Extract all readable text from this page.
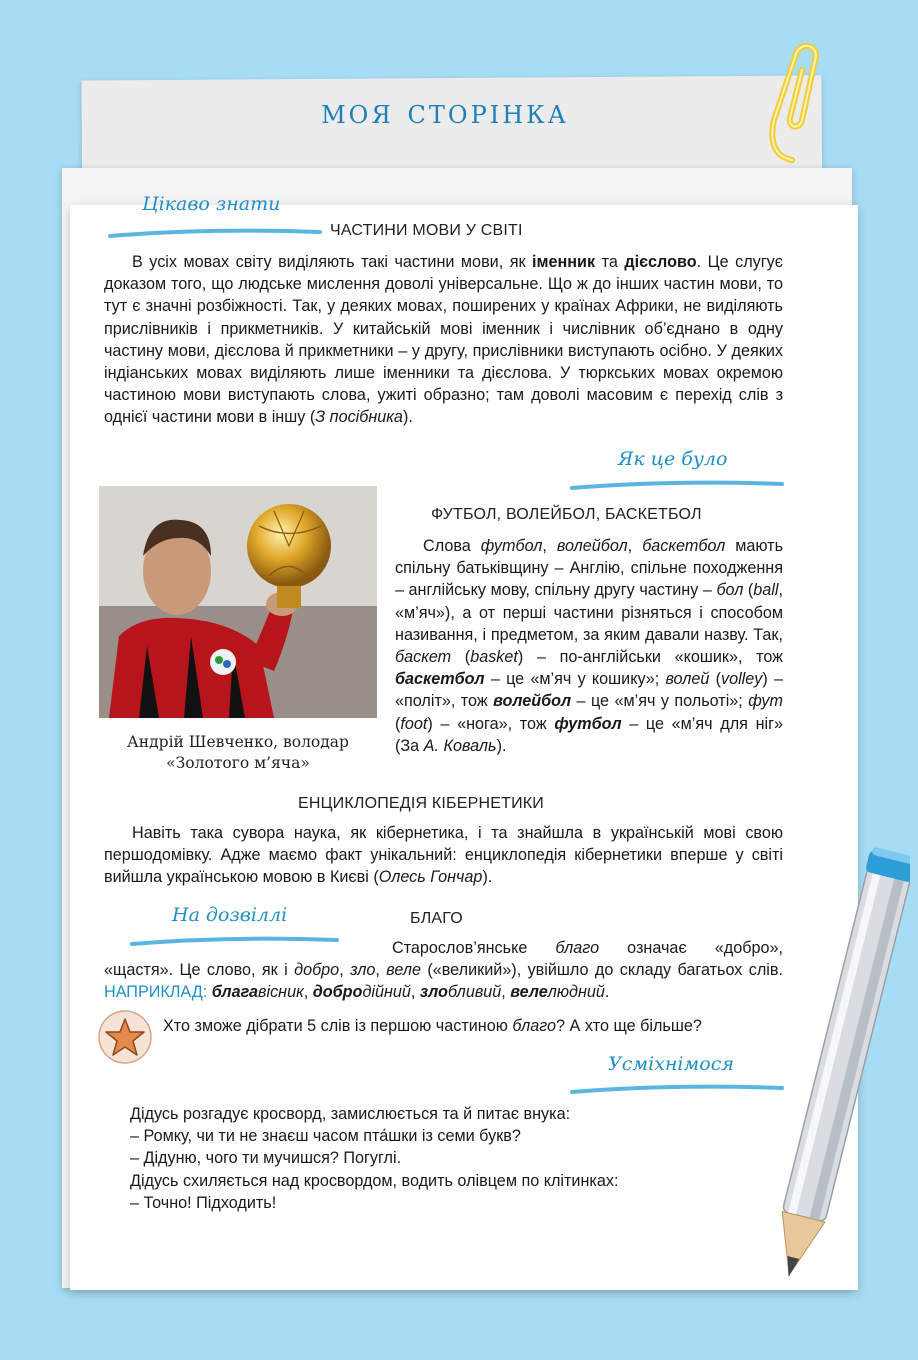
моя сторінка
Цікаво знати
Як це було
На дозвіллі
Усміхнімося
ЧАСТИНИ МОВИ У СВІТІ

В усіх мовах світу виділяють такі частини мови, як іменник та дієслово. Це слугує доказом того, що людське мислення доволі універсальне. Що ж до інших частин мови, то тут є значні розбіжності. Так, у деяких мовах, поширених у країнах Африки, не виділяють прислівників і прикметників. У китайській мові іменник і числівник об’єднано в одну частину мови, дієслова й прикметники – у другу, прислівники виступають осібно. У деяких індіанських мовах виділяють лише іменники та дієслова. У тюркських мовах окремою частиною мови виступають слова, ужиті образно; там доволі масовим є перехід слів з однієї частини мови в іншу (З посібника).

Андрій Шевченко, володар
«Золотого м’яча»
ФУТБОЛ, ВОЛЕЙБОЛ, БАСКЕТБОЛ

Слова футбол, волейбол, баскетбол мають спільну батьківщину – Англію, спільне походження – англійську мову, спільну другу частину – бол (ball, «м’яч»), а от перші частини різняться і способом називання, і предметом, за яким давали назву. Так, баскет (basket) – по-англійськи «кошик», тож баскетбол – це «м’яч у кошику»; волей (volley) – «політ», тож волейбол – це «м’яч у польоті»; фут (foot) – «нога», тож футбол – це «м’яч для ніг» (За А. Коваль).

ЕНЦИКЛОПЕДІЯ КІБЕРНЕТИКИ

Навіть така сувора наука, як кібернетика, і та знайшла в українській мові свою першодомівку. Адже маємо факт унікальний: енциклопедія кібернетики вперше у світі вийшла українською мовою в Києві (Олесь Гончар).

БЛАГО

Старослов’янське благо означає «добро», «щастя». Це слово, як і добро, зло, веле («великий»), увійшло до складу багатьох слів. НАПРИКЛАД: благавісник, добродійний, злобливий, велелюдний.

Хто зможе дібрати 5 слів із першою частиною благо? А хто ще більше?

Дідусь розгадує кросворд, замислюється та й питає внука:

– Ромку, чи ти не знаєш часом пта́шки із семи букв?

– Дідуню, чого ти мучишся? Погуглі.

Дідусь схиляється над кросвордом, водить олівцем по клітинках:

– Точно! Підходить!
